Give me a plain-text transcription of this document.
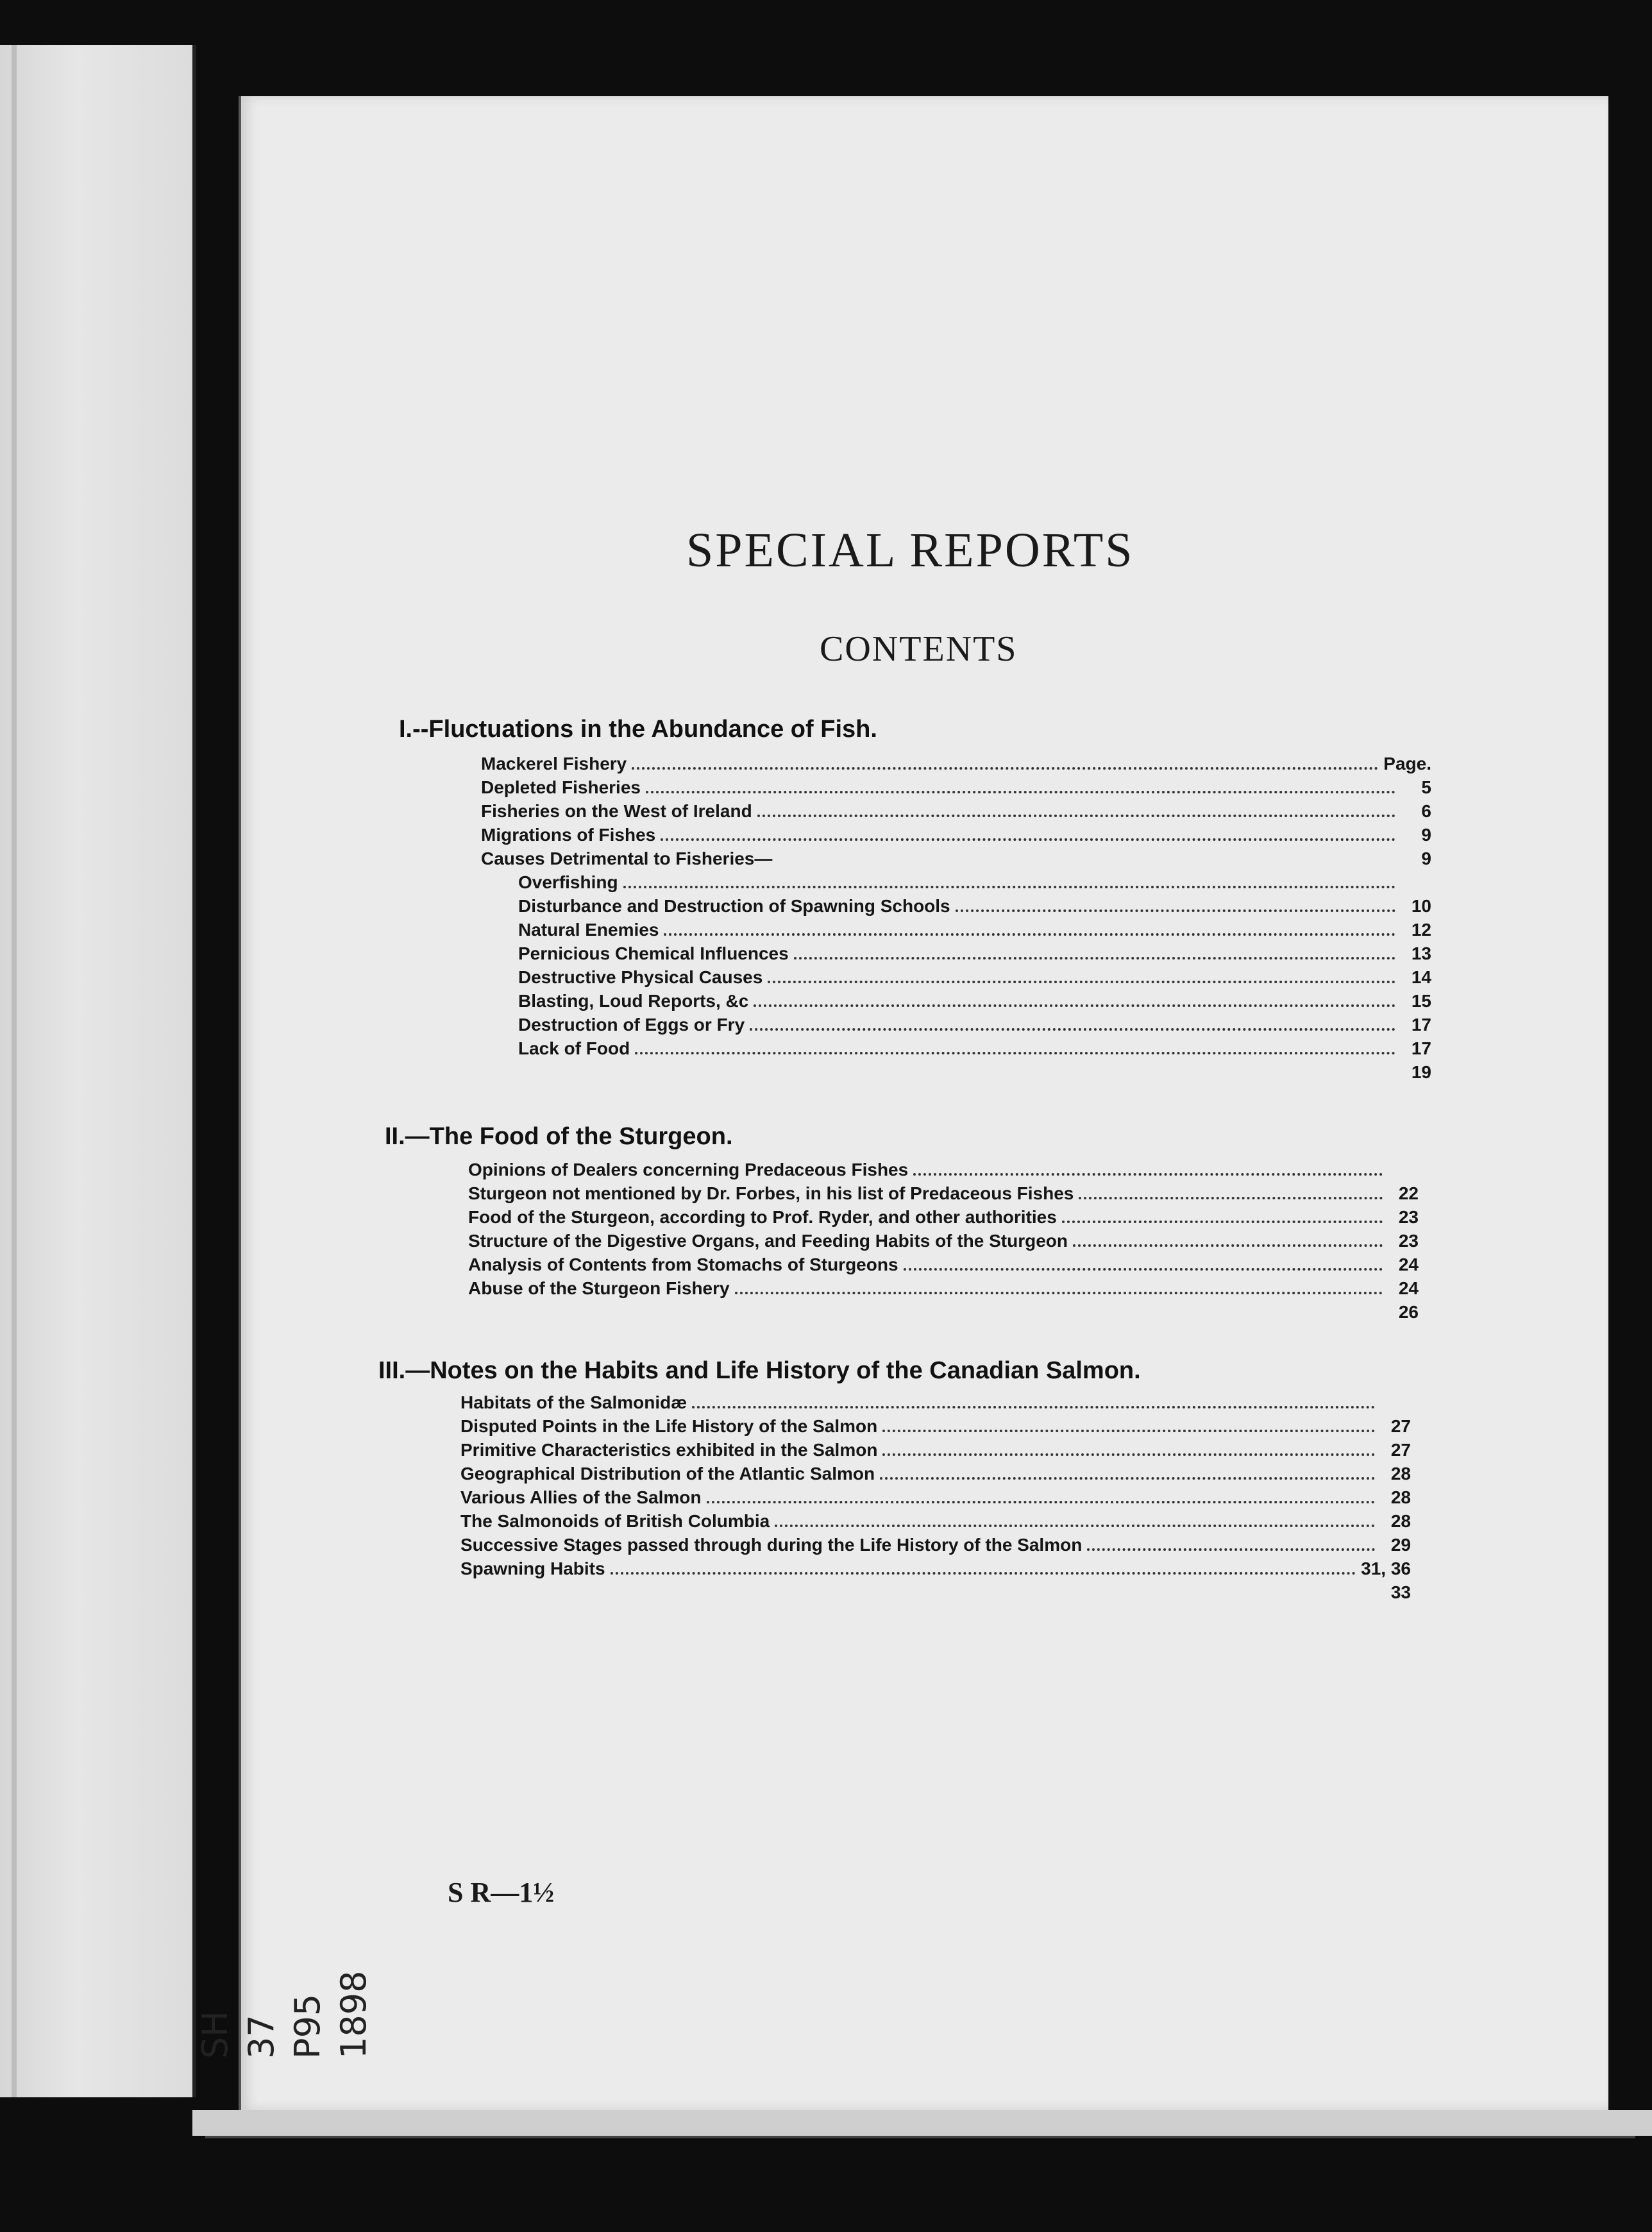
SPECIAL REPORTS
CONTENTS
I.--Fluctuations in the Abundance of Fish.
Mackerel Fishery	Page.
Depleted Fisheries	5
Fisheries on the West of Ireland	6
Migrations of Fishes	9
Causes Detrimental to Fisheries—	9
Overfishing
Disturbance and Destruction of Spawning Schools	10
Natural Enemies	12
Pernicious Chemical Influences	13
Destructive Physical Causes	14
Blasting, Loud Reports, &c	15
Destruction of Eggs or Fry	17
Lack of Food	17
19
II.—The Food of the Sturgeon.
Opinions of Dealers concerning Predaceous Fishes
Sturgeon not mentioned by Dr. Forbes, in his list of Predaceous Fishes	22
Food of the Sturgeon, according to Prof. Ryder, and other authorities	23
Structure of the Digestive Organs, and Feeding Habits of the Sturgeon	23
Analysis of Contents from Stomachs of Sturgeons	24
Abuse of the Sturgeon Fishery	24
26
III.—Notes on the Habits and Life History of the Canadian Salmon.
Habitats of the Salmonidæ
Disputed Points in the Life History of the Salmon	27
Primitive Characteristics exhibited in the Salmon	27
Geographical Distribution of the Atlantic Salmon	28
Various Allies of the Salmon	28
The Salmonoids of British Columbia	28
Successive Stages passed through during the Life History of the Salmon	29
Spawning Habits	31, 36
33
S R—1½
SH 37 P95 1898
